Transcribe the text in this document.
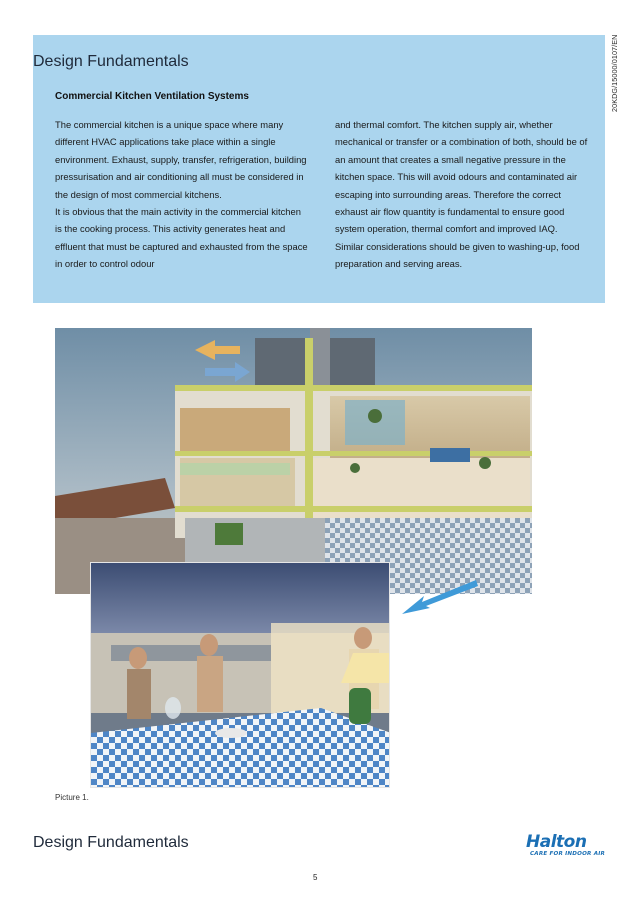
Design Fundamentals	20KDG/15000/0107/EN
Commercial Kitchen Ventilation Systems

The commercial kitchen is a unique space where many different HVAC applications take place within a single environment. Exhaust, supply, transfer, refrigeration, building pressurisation and air conditioning all must be considered in the design of most commercial kitchens.

It is obvious that the main activity in the commercial kitchen is the cooking process. This activity generates heat and effluent that must be captured and exhausted from the space in order to control odour

and thermal comfort. The kitchen supply air, whether mechanical or transfer or a combination of both, should be of an amount that creates a small negative pressure in the kitchen space. This will avoid odours and contaminated air escaping into surrounding areas. Therefore the correct exhaust air flow quantity is fundamental to ensure good system operation, thermal comfort and improved IAQ.

Similar considerations should be given to washing-up, food preparation and serving areas.

Picture 1.
Design Fundamentals	Halton
CARE FOR INDOOR AIR
5
